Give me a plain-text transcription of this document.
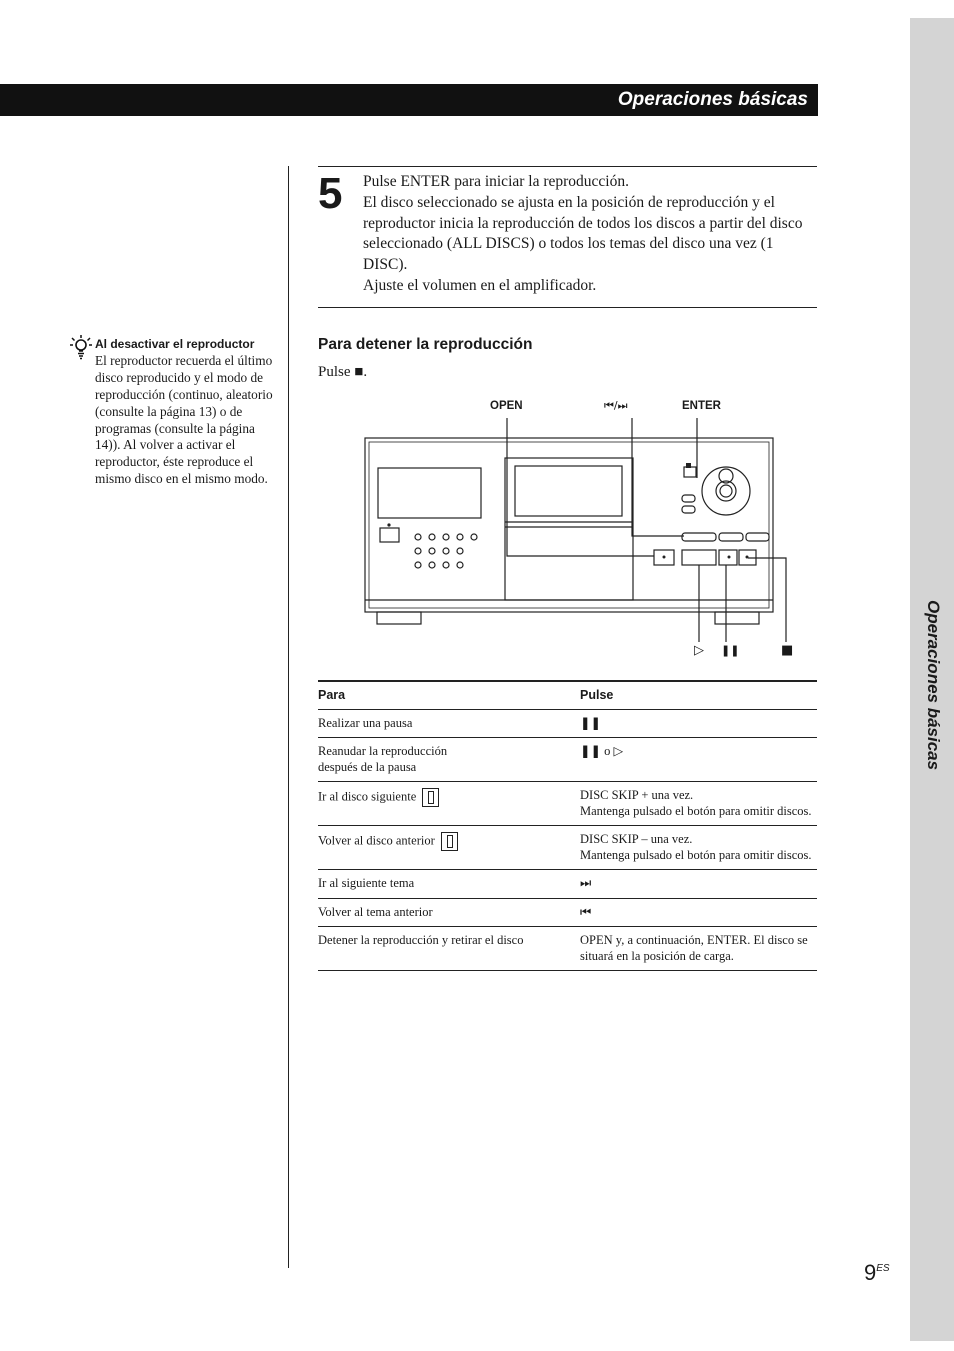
Operaciones básicas
Operaciones básicas
5 Pulse ENTER para iniciar la reproducción.

El disco seleccionado se ajusta en la posición de reproducción y el reproductor inicia la reproducción de todos los discos a partir del disco seleccionado (ALL DISCS) o todos los temas del disco una vez (1 DISC).

Ajuste el volumen en el amplificador.

Al desactivar el reproductor
El reproductor recuerda el último disco reproducido y el modo de reproducción (continuo, aleatorio (consulte la página 13) o de programas (consulte la página 14)). Al volver a activar el reproductor, éste reproduce el mismo disco en el mismo modo.
Para detener la reproducción
Pulse ■.
OPEN	⏮/⏭	ENTER
▷ ❚❚	■
Para	Pulse
Realizar una pausa	❚❚
Reanudar la reproducción
después de la pausa	❚❚ o ▷
Ir al disco siguiente	DISC SKIP + una vez.
Mantenga pulsado el botón para omitir discos.
Volver al disco anterior	DISC SKIP – una vez.
Mantenga pulsado el botón para omitir discos.
Ir al siguiente tema	⏭
Volver al tema anterior	⏮
Detener la reproducción y retirar el disco	OPEN y, a continuación, ENTER. El disco se situará en la posición de carga.
$9^{ES}$
